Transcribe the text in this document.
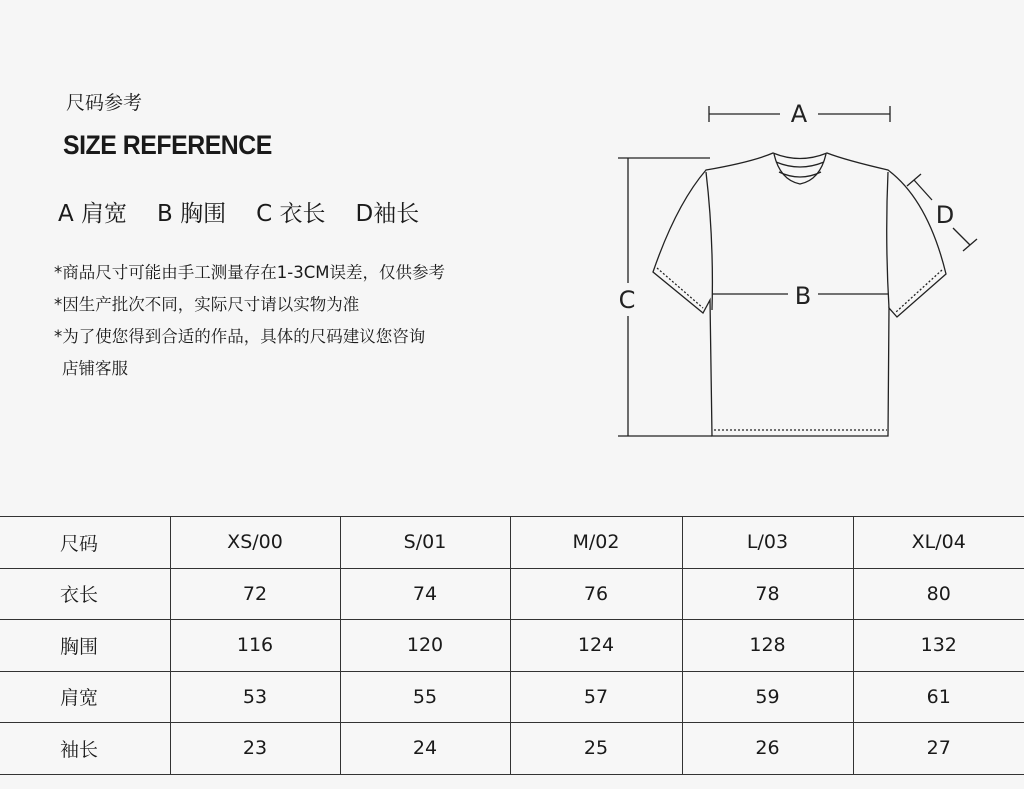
尺码参考
SIZE REFERENCE
A 肩宽 B 胸围 C 衣长 D袖长
*商品尺寸可能由手工测量存在1-3CM误差，仅供参考
*因生产批次不同，实际尺寸请以实物为准
*为了使您得到合适的作品，具体的尺码建议您咨询
店铺客服
A
B
C
D
尺码	XS/00	S/01	M/02	L/03	XL/04
衣长	72	74	76	78	80
胸围	116	120	124	128	132
肩宽	53	55	57	59	61
袖长	23	24	25	26	27
